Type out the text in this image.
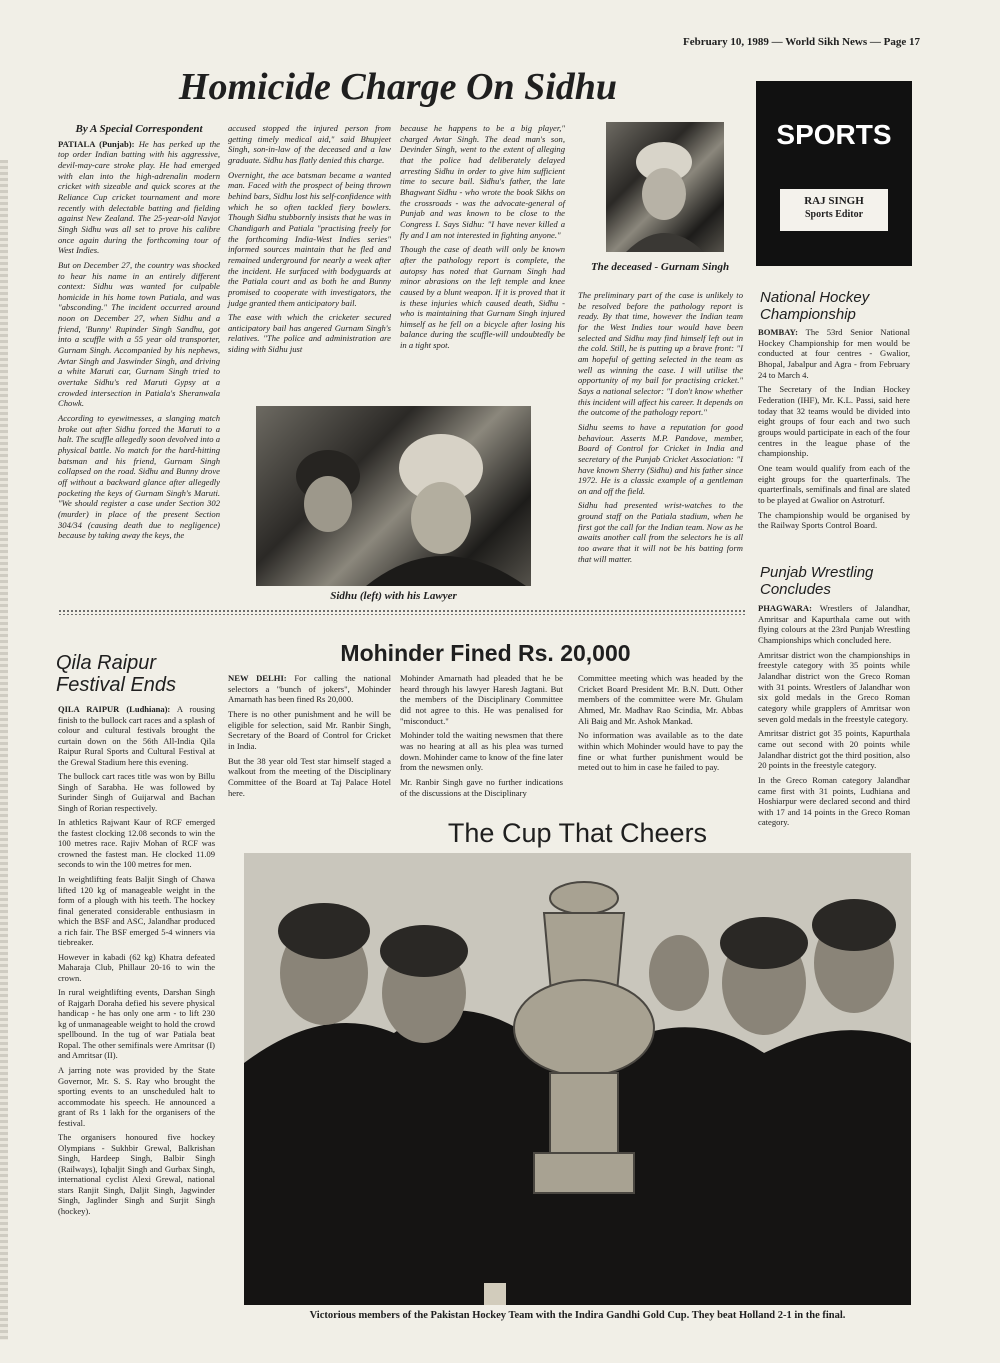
February 10, 1989 — World Sikh News — Page 17
Homicide Charge On Sidhu
By A Special Correspondent

PATIALA (Punjab): He has perked up the top order Indian batting with his aggressive, devil-may-care stroke play. He had emerged with elan into the high-adrenalin modern cricket with sizeable and quick scores at the Reliance Cup cricket tournament and more recently with delectable batting and fielding against New Zealand. The 25-year-old Navjot Singh Sidhu was all set to prove his calibre once again during the forthcoming tour of West Indies.

But on December 27, the country was shocked to hear his name in an entirely different context: Sidhu was wanted for culpable homicide in his home town Patiala, and was "absconding." The incident occurred around noon on December 27, when Sidhu and a friend, 'Bunny' Rupinder Singh Sandhu, got into a scuffle with a 55 year old transporter, Gurnam Singh. Accompanied by his nephews, Avtar Singh and Jaswinder Singh, and driving a white Maruti car, Gurnam Singh tried to overtake Sidhu's red Maruti Gypsy at a crowded intersection in Patiala's Sheranwala Chowk.

According to eyewitnesses, a slanging match broke out after Sidhu forced the Maruti to a halt. The scuffle allegedly soon devolved into a physical battle. No match for the hard-hitting batsman and his friend, Gurnam Singh collapsed on the road. Sidhu and Bunny drove off without a backward glance after allegedly pocketing the keys of Gurnam Singh's Maruti. "We should register a case under Section 302 (murder) in place of the present Section 304/34 (causing death due to negligence) because by taking away the keys, the

accused stopped the injured person from getting timely medical aid," said Bhupjeet Singh, son-in-law of the deceased and a law graduate. Sidhu has flatly denied this charge.

Overnight, the ace batsman became a wanted man. Faced with the prospect of being thrown behind bars, Sidhu lost his self-confidence with which he so often tackled fiery bowlers. Though Sidhu stubbornly insists that he was in Chandigarh and Patiala "practising freely for the forthcoming India-West Indies series" informed sources maintain that he fled and remained underground for nearly a week after the incident. He surfaced with bodyguards at the Patiala court and as both he and Bunny promised to cooperate with investigators, the judge granted them anticipatory bail.

The ease with which the cricketer secured anticipatory bail has angered Gurnam Singh's relatives. "The police and administration are siding with Sidhu just

because he happens to be a big player," charged Avtar Singh. The dead man's son, Devinder Singh, went to the extent of alleging that the police had deliberately delayed arresting Sidhu in order to give him sufficient time to secure bail. Sidhu's father, the late Bhagwant Sidhu - who wrote the book Sikhs on the crossroads - was the advocate-general of Punjab and was known to be close to the Congress I. Says Sidhu: "I have never killed a fly and I am not interested in fighting anyone."

Though the case of death will only be known after the pathology report is complete, the autopsy has noted that Gurnam Singh had minor abrasions on the left temple and knee caused by a blunt weapon. If it is proved that it is these injuries which caused death, Sidhu - who is maintaining that Gurnam Singh injured himself as he fell on a bicycle after losing his balance during the scuffle-will undoubtedly be in a tight spot.

The deceased - Gurnam Singh

The preliminary part of the case is unlikely to be resolved before the pathology report is ready. By that time, however the Indian team for the West Indies tour would have been selected and Sidhu may find himself left out in the cold. Still, he is putting up a brave front: "I am hopeful of getting selected in the team as well as winning the case. I will utilise the opportunity of my bail for practising cricket." Says a national selector: "I don't know whether this incident will affect his career. It depends on the outcome of the pathology report."

Sidhu seems to have a reputation for good behaviour. Asserts M.P. Pandove, member, Board of Control for Cricket in India and secretary of the Punjab Cricket Association: "I have known Sherry (Sidhu) and his father since 1972. He is a classic example of a gentleman on and off the field.

Sidhu had presented wrist-watches to the ground staff on the Patiala stadium, when he first got the call for the Indian team. Now as he awaits another call from the selectors he is all too aware that it will not be his batting form that will matter.

Sidhu (left) with his Lawyer
SPORTS
RAJ SINGH
Sports Editor
National Hockey Championship

BOMBAY: The 53rd Senior National Hockey Championship for men would be conducted at four centres - Gwalior, Bhopal, Jabalpur and Agra - from February 24 to March 4.

The Secretary of the Indian Hockey Federation (IHF), Mr. K.L. Passi, said here today that 32 teams would be divided into eight groups of four each and two such groups would participate in each of the four centres in the league phase of the championship.

One team would qualify from each of the eight groups for the quarterfinals. The quarterfinals, semifinals and final are slated to be played at Gwalior on Astroturf.

The championship would be organised by the Railway Sports Control Board.

Punjab Wrestling Concludes

PHAGWARA: Wrestlers of Jalandhar, Amritsar and Kapurthala came out with flying colours at the 23rd Punjab Wrestling Championships which concluded here.

Amritsar district won the championships in freestyle category with 35 points while Jalandhar district won the Greco Roman with 31 points. Wrestlers of Jalandhar won six gold medals in the Greco Roman category while grapplers of Amritsar won seven gold medals in the freestyle category.

Amritsar district got 35 points, Kapurthala came out second with 20 points while Jalandhar district got the third position, also 20 points in the freestyle category.

In the Greco Roman category Jalandhar came first with 31 points, Ludhiana and Hoshiarpur were declared second and third with 17 and 14 points in the Greco Roman category.

Qila Raipur Festival Ends

QILA RAIPUR (Ludhiana): A rousing finish to the bullock cart races and a splash of colour and cultural festivals brought the curtain down on the 56th All-India Qila Raipur Rural Sports and Cultural Festival at the Grewal Stadium here this evening.

The bullock cart races title was won by Billu Singh of Sarabha. He was followed by Surinder Singh of Guijarwal and Bachan Singh of Rorian respectively.

In athletics Rajwant Kaur of RCF emerged the fastest clocking 12.08 seconds to win the 100 metres race. Rajiv Mohan of RCF was crowned the fastest man. He clocked 11.09 seconds to win the 100 metres for men.

In weightlifting feats Baljit Singh of Chawa lifted 120 kg of manageable weight in the form of a plough with his teeth. The hockey final generated considerable enthusiasm in which the BSF and ASC, Jalandhar produced a rich fair. The BSF emerged 5-4 winners via tiebreaker.

However in kabadi (62 kg) Khatra defeated Maharaja Club, Phillaur 20-16 to win the crown.

In rural weightlifting events, Darshan Singh of Rajgarh Doraha defied his severe physical handicap - he has only one arm - to lift 230 kg of unmanageable weight to hold the crowd spellbound. In the tug of war Patiala beat Ropal. The other semifinals were Amritsar (I) and Amritsar (II).

A jarring note was provided by the State Governor, Mr. S. S. Ray who brought the sporting events to an unscheduled halt to accommodate his speech. He announced a grant of Rs 1 lakh for the organisers of the festival.

The organisers honoured five hockey Olympians - Sukhbir Grewal, Balkrishan Singh, Hardeep Singh, Balbir Singh (Railways), Iqbaljit Singh and Gurbax Singh, international cyclist Alexi Grewal, national stars Ranjit Singh, Daljit Singh, Jagwinder Singh, Jaglinder Singh and Surjit Singh (hockey).

Mohinder Fined Rs. 20,000

NEW DELHI: For calling the national selectors a "bunch of jokers", Mohinder Amarnath has been fined Rs 20,000.

There is no other punishment and he will be eligible for selection, said Mr. Ranbir Singh, Secretary of the Board of Control for Cricket in India.

But the 38 year old Test star himself staged a walkout from the meeting of the Disciplinary Committee of the Board at Taj Palace Hotel here.

Mohinder Amarnath had pleaded that he be heard through his lawyer Haresh Jagtani. But the members of the Disciplinary Committee did not agree to this. He was penalised for "misconduct."

Mohinder told the waiting newsmen that there was no hearing at all as his plea was turned down. Mohinder came to know of the fine later from the newsmen only.

Mr. Ranbir Singh gave no further indications of the discussions at the Disciplinary

Committee meeting which was headed by the Cricket Board President Mr. B.N. Dutt. Other members of the committee were Mr. Ghulam Ahmed, Mr. Madhav Rao Scindia, Mr. Abbas Ali Baig and Mr. Ashok Mankad.

No information was available as to the date within which Mohinder would have to pay the fine or what further punishment would be meted out to him in case he failed to pay.

The Cup That Cheers
Victorious members of the Pakistan Hockey Team with the Indira Gandhi Gold Cup. They beat Holland 2-1 in the final.
